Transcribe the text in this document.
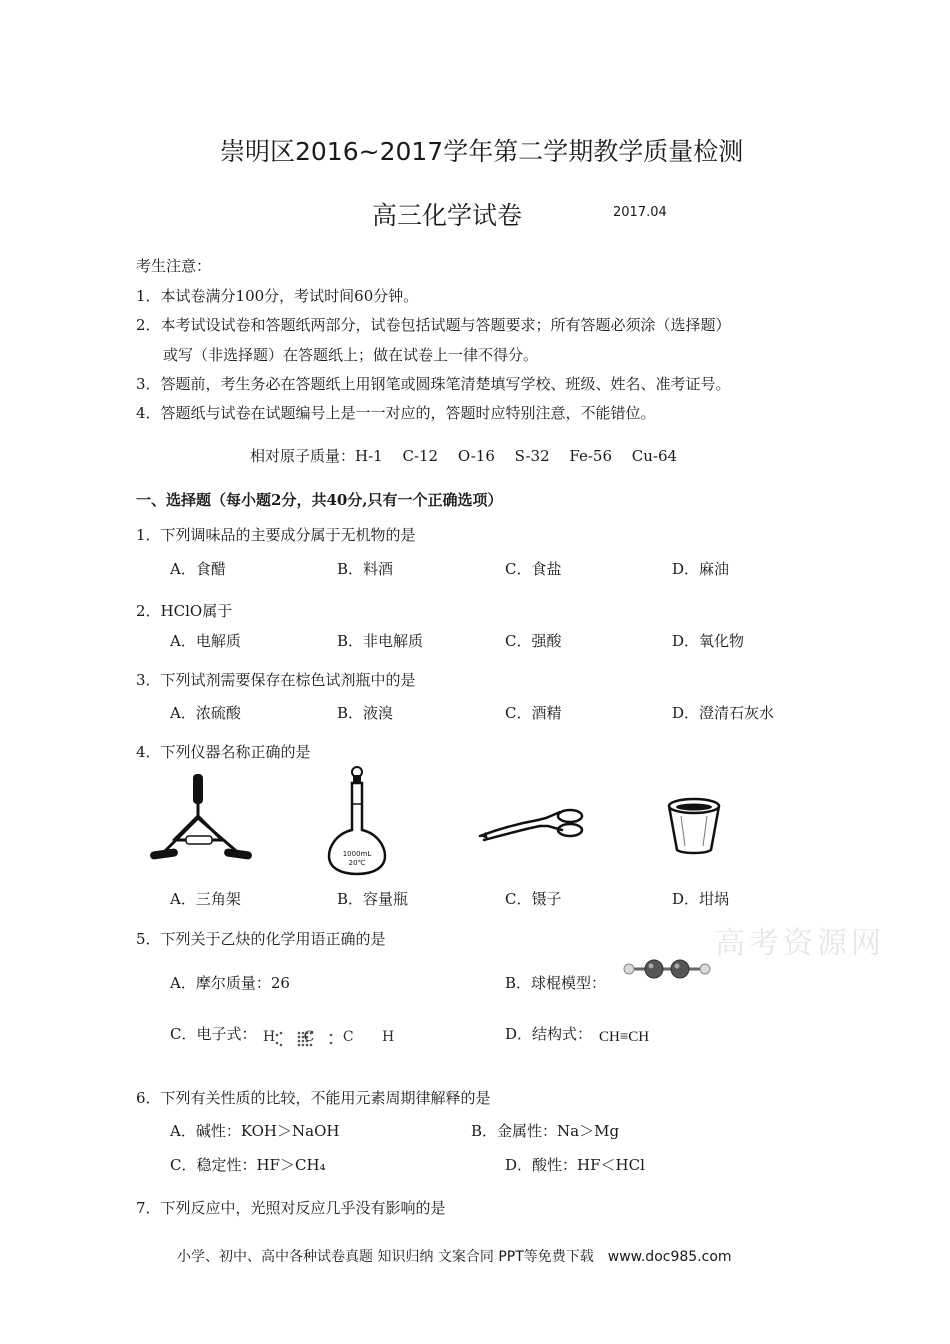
崇明区2016~2017学年第二学期教学质量检测
高三化学试卷	2017.04
考生注意：
1．本试卷满分100分，考试时间60分钟。
2．本考试设试卷和答题纸两部分，试卷包括试题与答题要求；所有答题必须涂（选择题）
或写（非选择题）在答题纸上；做在试卷上一律不得分。
3．答题前，考生务必在答题纸上用钢笔或圆珠笔清楚填写学校、班级、姓名、准考证号。
4．答题纸与试卷在试题编号上是一一对应的，答题时应特别注意，不能错位。
相对原子质量：H-1　 C-12　 O-16　 S-32　 Fe-56　 Cu-64
一、选择题（每小题2分，共40分,只有一个正确选项）
1．下列调味品的主要成分属于无机物的是
A．食醋	B．料酒	C．食盐	D．麻油
2．HClO属于
A．电解质	B．非电解质	C．强酸	D．氧化物
3．下列试剂需要保存在棕色试剂瓶中的是
A．浓硫酸	B．液溴	C．酒精	D．澄清石灰水
4．下列仪器名称正确的是
1000mL
20℃
A．三角架	B．容量瓶	C．镊子	D．坩埚
高考资源网
5．下列关于乙炔的化学用语正确的是
A．摩尔质量：26	B．球棍模型：
C．电子式： H C C H	D．结构式： CH≡CH
6．下列有关性质的比较，不能用元素周期律解释的是
A．碱性：KOH＞NaOH	B．金属性：Na＞Mg
C．稳定性：HF＞CH₄	D．酸性：HF＜HCl
7．下列反应中，光照对反应几乎没有影响的是
小学、初中、高中各种试卷真题 知识归纳 文案合同 PPT等免费下载　www.doc985.com
